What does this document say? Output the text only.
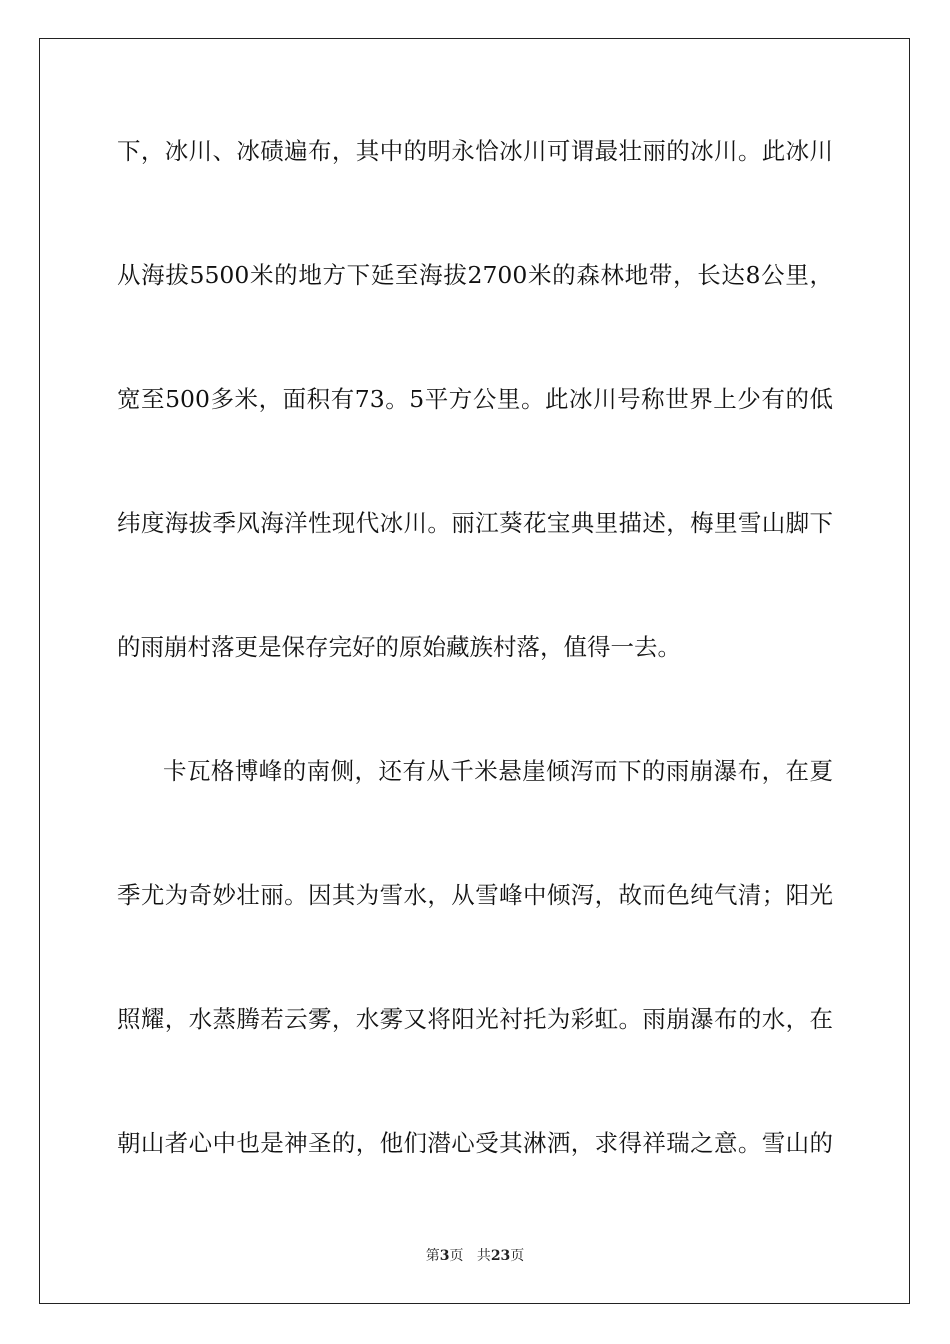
下，冰川、冰碛遍布，其中的明永恰冰川可谓最壮丽的冰川。此冰川
从海拔5500米的地方下延至海拔2700米的森林地带，长达8公里，
宽至500多米，面积有73。5平方公里。此冰川号称世界上少有的低
纬度海拔季风海洋性现代冰川。丽江葵花宝典里描述，梅里雪山脚下
的雨崩村落更是保存完好的原始藏族村落，值得一去。
卡瓦格博峰的南侧，还有从千米悬崖倾泻而下的雨崩瀑布，在夏
季尤为奇妙壮丽。因其为雪水，从雪峰中倾泻，故而色纯气清；阳光
照耀，水蒸腾若云雾，水雾又将阳光衬托为彩虹。雨崩瀑布的水，在
朝山者心中也是神圣的，他们潜心受其淋洒，求得祥瑞之意。雪山的
第3页 共23页
